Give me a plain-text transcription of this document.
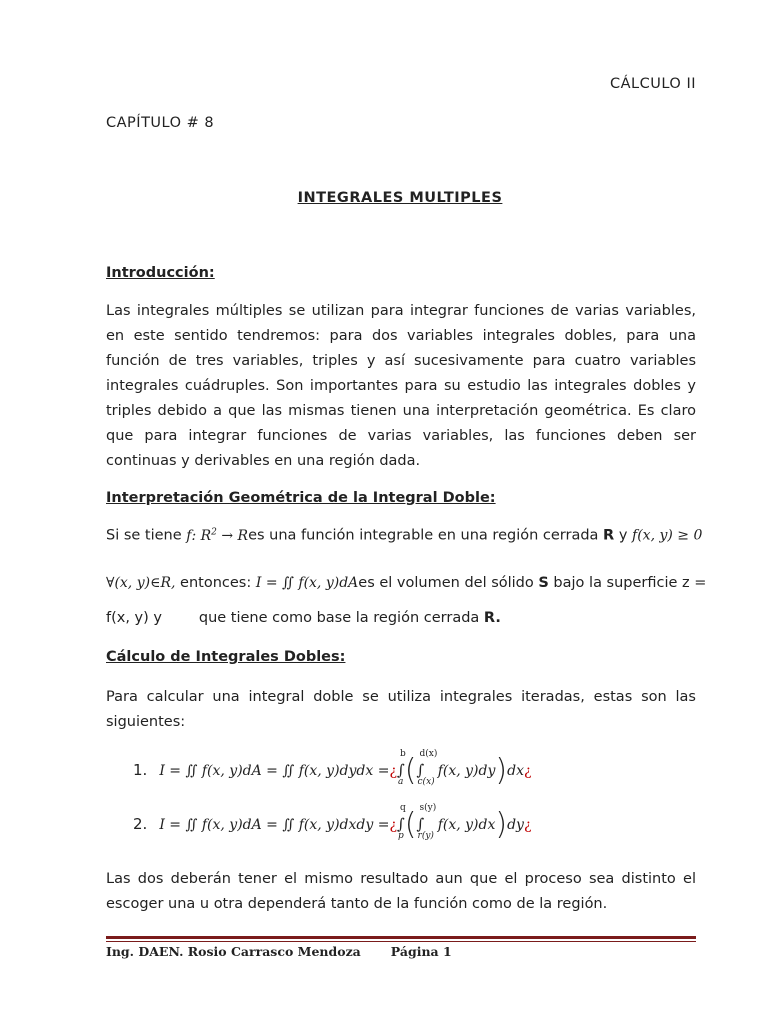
CÁLCULO II
CAPÍTULO # 8
INTEGRALES MULTIPLES
Introducción:
Las integrales múltiples se utilizan para integrar funciones de varias variables, en este sentido tendremos: para dos variables integrales dobles, para una función de tres variables, triples y así sucesivamente para cuatro variables integrales cuádruples. Son importantes para su estudio las integrales dobles y triples debido a que las mismas tienen una interpretación geométrica. Es claro que para integrar funciones de varias variables, las funciones deben ser continuas y derivables en una región dada.
Interpretación Geométrica de la Integral Doble:
Si se tiene f: $R^2$ → Res una función integrable en una región cerrada R y f(x, y) ≥ 0
∀(x, y)∈R, entonces: I = ∬ f(x, y)dAes el volumen del sólido S bajo la superficie z =
f(x, y) y        que tiene como base la región cerrada R.
Cálculo de Integrales Dobles:
Para calcular una integral doble se utiliza integrales iteradas, estas son las siguientes:
1. I = ∬ f(x, y)dA = ∬ f(x, y)dydx =¿
b
∫
a ( d(x)
∫
c(x)
f(x, y)dy)dx¿
2. I = ∬ f(x, y)dA = ∬ f(x, y)dxdy =¿
q
∫
p ( s(y)
∫
r(y)
f(x, y)dx)dy¿
Las dos deberán tener el mismo resultado aun que el proceso sea distinto el escoger una u otra dependerá tanto de la función como de la región.
Ing. DAEN. Rosio Carrasco Mendoza Página 1
